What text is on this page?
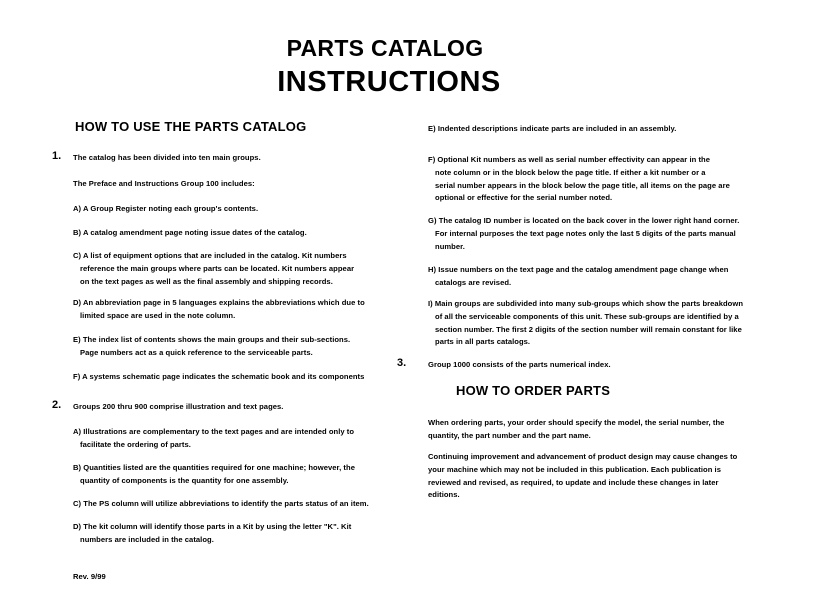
PARTS CATALOG
INSTRUCTIONS
HOW TO USE THE PARTS CATALOG
1. The catalog has been divided into ten main groups.
The Preface and Instructions Group 100 includes:
A) A Group Register noting each group's contents.
B) A catalog amendment page noting issue dates of the catalog.
C) A list of equipment options that are included in the catalog. Kit numbers
reference the main groups where parts can be located. Kit numbers appear
on the text pages as well as the final assembly and shipping records.
D) An abbreviation page in 5 languages explains the abbreviations which due to
limited space are used in the note column.
E) The index list of contents shows the main groups and their sub-sections.
Page numbers act as a quick reference to the serviceable parts.
F) A systems schematic page indicates the schematic book and its components
2. Groups 200 thru 900 comprise illustration and text pages.
A) Illustrations are complementary to the text pages and are intended only to
facilitate the ordering of parts.
B) Quantities listed are the quantities required for one machine; however, the
quantity of components is the quantity for one assembly.
C) The PS column will utilize abbreviations to identify the parts status of an item.
D) The kit column will identify those parts in a Kit by using the letter "K". Kit
numbers are included in the catalog.
Rev. 9/99
E) Indented descriptions indicate parts are included in an assembly.
F) Optional Kit numbers as well as serial number effectivity can appear in the
note column or in the block below the page title. If either a kit number or a
serial number appears in the block below the page title, all items on the page are
optional or effective for the serial number noted.
G) The catalog ID number is located on the back cover in the lower right hand corner.
For internal purposes the text page notes only the last 5 digits of the parts manual
number.
H) Issue numbers on the text page and the catalog amendment page change when
catalogs are revised.
I) Main groups are subdivided into many sub-groups which show the parts breakdown
of all the serviceable components of this unit. These sub-groups are identified by a
section number. The first 2 digits of the section number will remain constant for like
parts in all parts catalogs.
3.	Group 1000 consists of the parts numerical index.
HOW TO ORDER PARTS
When ordering parts, your order should specify the model, the serial number, the
quantity, the part number and the part name.
Continuing improvement and advancement of product design may cause changes to
your machine which may not be included in this publication. Each publication is
reviewed and revised, as required, to update and include these changes in later
editions.
